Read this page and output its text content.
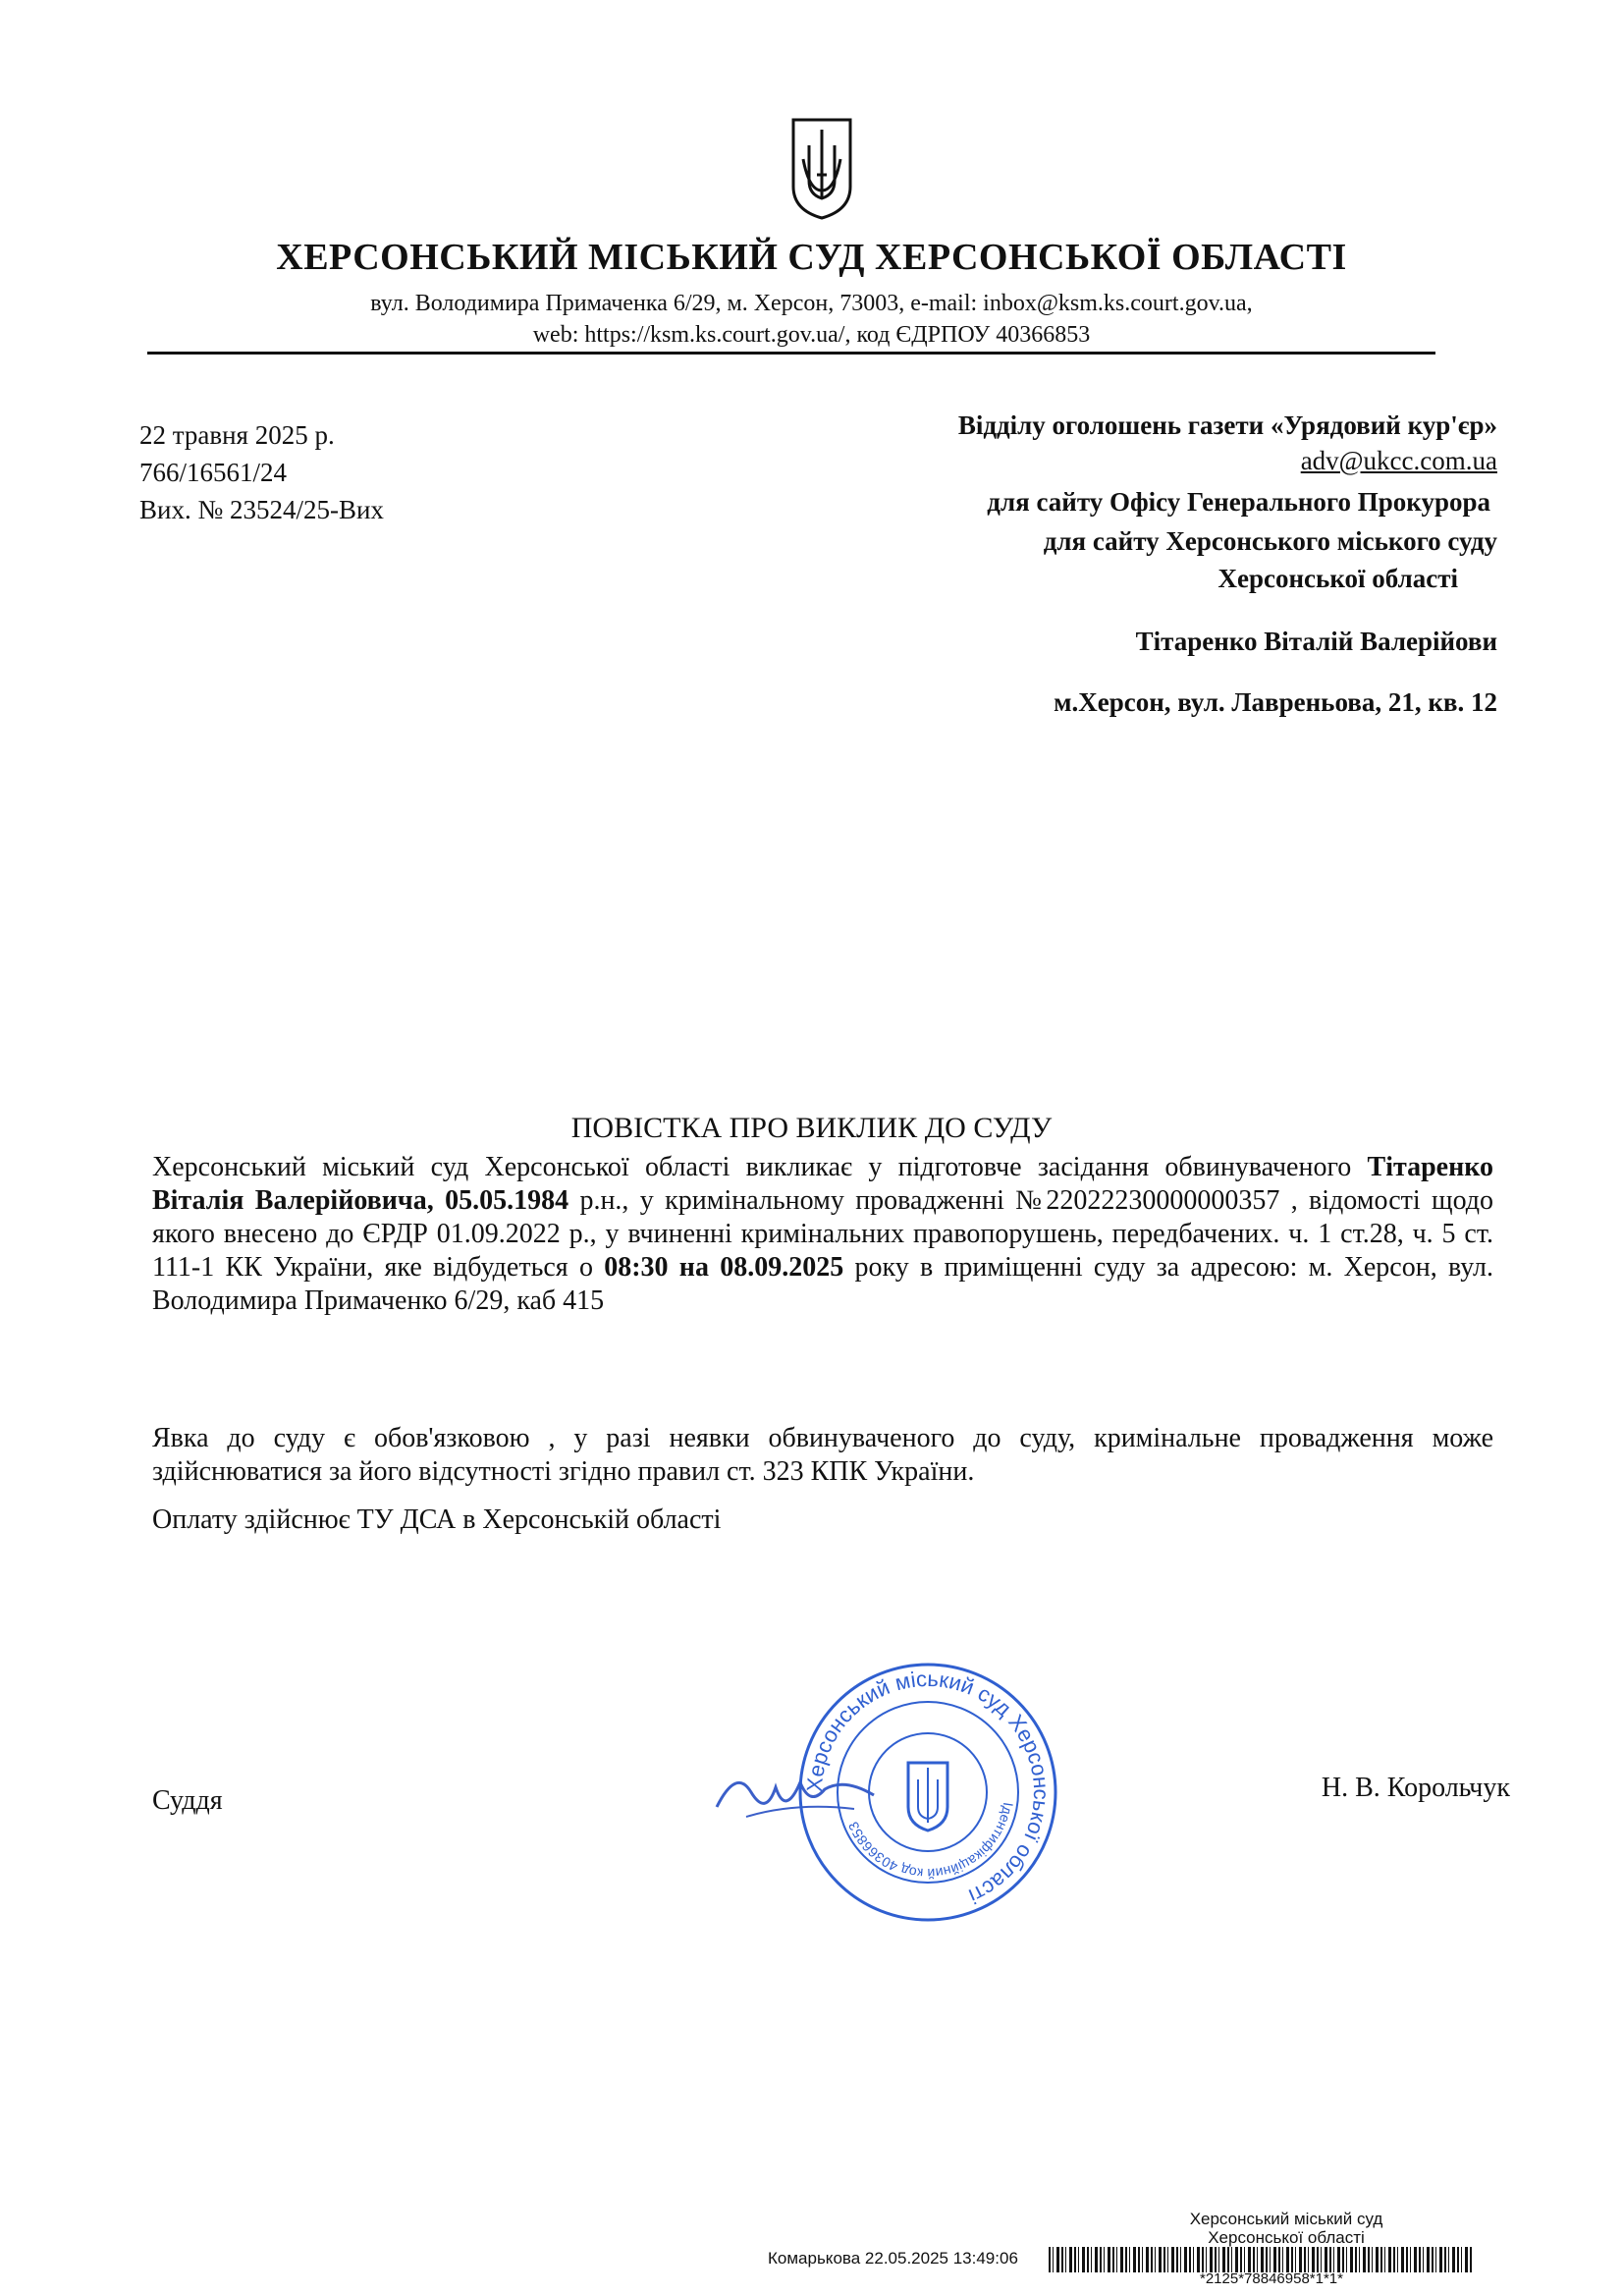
ХЕРСОНСЬКИЙ МІСЬКИЙ СУД ХЕРСОНСЬКОЇ ОБЛАСТІ
вул. Володимира Примаченка 6/29, м. Херсон, 73003, e-mail: inbox@ksm.ks.court.gov.ua,
web: https://ksm.ks.court.gov.ua/, код ЄДРПОУ 40366853
22 травня 2025 р.
766/16561/24
Вих. № 23524/25-Вих
Відділу оголошень газети «Урядовий кур'єр»
adv@ukcc.com.ua
для сайту Офісу Генерального Прокурора
для сайту Херсонського міського суду
Херсонської області
Тітаренко Віталій Валерійови
м.Херсон, вул. Лавреньова, 21, кв. 12
ПОВІСТКА ПРО ВИКЛИК ДО СУДУ
Херсонський міський суд Херсонської області викликає у підготовче засідання обвинуваченого Тітаренко Віталія Валерійовича, 05.05.1984 р.н., у кримінальному провадженні №22022230000000357 , відомості щодо якого внесено до ЄРДР 01.09.2022 р., у вчиненні кримінальних правопорушень, передбачених. ч. 1 ст.28, ч. 5 ст. 111-1 КК України, яке відбудеться о 08:30 на 08.09.2025 року в приміщенні суду за адресою: м. Херсон, вул. Володимира Примаченко 6/29, каб 415
Явка до суду є обов'язковою , у разі неявки обвинуваченого до суду, кримінальне провадження може здійснюватися за його відсутності згідно правил ст. 323 КПК України.
Оплату здійснює ТУ ДСА в Херсонській області
Суддя	Н. В. Корольчук
Херсонський міський суд Херсонської області
Ідентифікаційний код 40366853
Херсонський міський суд
Херсонської області
Комарькова 22.05.2025 13:49:06
*2125*78846958*1*1*
